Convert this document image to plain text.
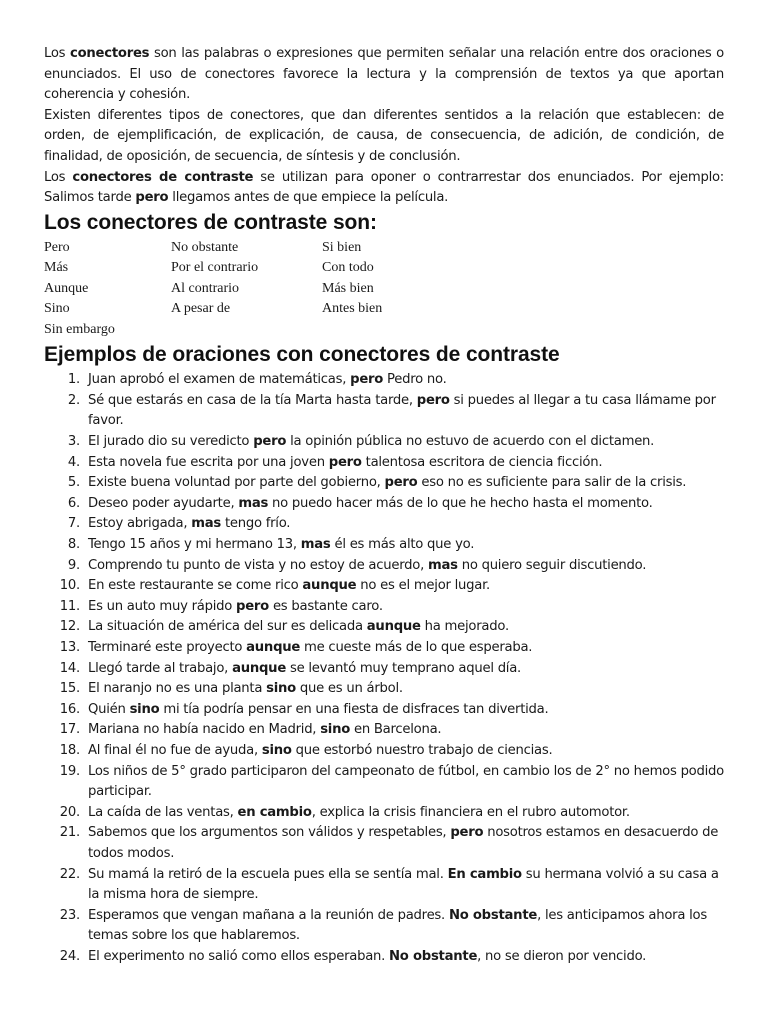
Los conectores son las palabras o expresiones que permiten señalar una relación entre dos oraciones o enunciados. El uso de conectores favorece la lectura y la comprensión de textos ya que aportan coherencia y cohesión.

Existen diferentes tipos de conectores, que dan diferentes sentidos a la relación que establecen: de orden, de ejemplificación, de explicación, de causa, de consecuencia, de adición, de condición, de finalidad, de oposición, de secuencia, de síntesis y de conclusión.

Los conectores de contraste se utilizan para oponer o contrarrestar dos enunciados. Por ejemplo: Salimos tarde pero llegamos antes de que empiece la película.

Los conectores de contraste son:
Pero	No obstante	Si bien
Más	Por el contrario	Con todo
Aunque	Al contrario	Más bien
Sino	A pesar de	Antes bien
Sin embargo
Ejemplos de oraciones con conectores de contraste
1. Juan aprobó el examen de matemáticas, pero Pedro no.
2. Sé que estarás en casa de la tía Marta hasta tarde, pero si puedes al llegar a tu casa llámame por favor.
3. El jurado dio su veredicto pero la opinión pública no estuvo de acuerdo con el dictamen.
4. Esta novela fue escrita por una joven pero talentosa escritora de ciencia ficción.
5. Existe buena voluntad por parte del gobierno, pero eso no es suficiente para salir de la crisis.
6. Deseo poder ayudarte, mas no puedo hacer más de lo que he hecho hasta el momento.
7. Estoy abrigada, mas tengo frío.
8. Tengo 15 años y mi hermano 13, mas él es más alto que yo.
9. Comprendo tu punto de vista y no estoy de acuerdo, mas no quiero seguir discutiendo.
10. En este restaurante se come rico aunque no es el mejor lugar.
11. Es un auto muy rápido pero es bastante caro.
12. La situación de américa del sur es delicada aunque ha mejorado.
13. Terminaré este proyecto aunque me cueste más de lo que esperaba.
14. Llegó tarde al trabajo, aunque se levantó muy temprano aquel día.
15. El naranjo no es una planta sino que es un árbol.
16. Quién sino mi tía podría pensar en una fiesta de disfraces tan divertida.
17. Mariana no había nacido en Madrid, sino en Barcelona.
18. Al final él no fue de ayuda, sino que estorbó nuestro trabajo de ciencias.
19. Los niños de 5° grado participaron del campeonato de fútbol, en cambio los de 2° no hemos podido participar.
20. La caída de las ventas, en cambio, explica la crisis financiera en el rubro automotor.
21. Sabemos que los argumentos son válidos y respetables, pero nosotros estamos en desacuerdo de todos modos.
22. Su mamá la retiró de la escuela pues ella se sentía mal. En cambio su hermana volvió a su casa a la misma hora de siempre.
23. Esperamos que vengan mañana a la reunión de padres. No obstante, les anticipamos ahora los temas sobre los que hablaremos.
24. El experimento no salió como ellos esperaban. No obstante, no se dieron por vencido.
